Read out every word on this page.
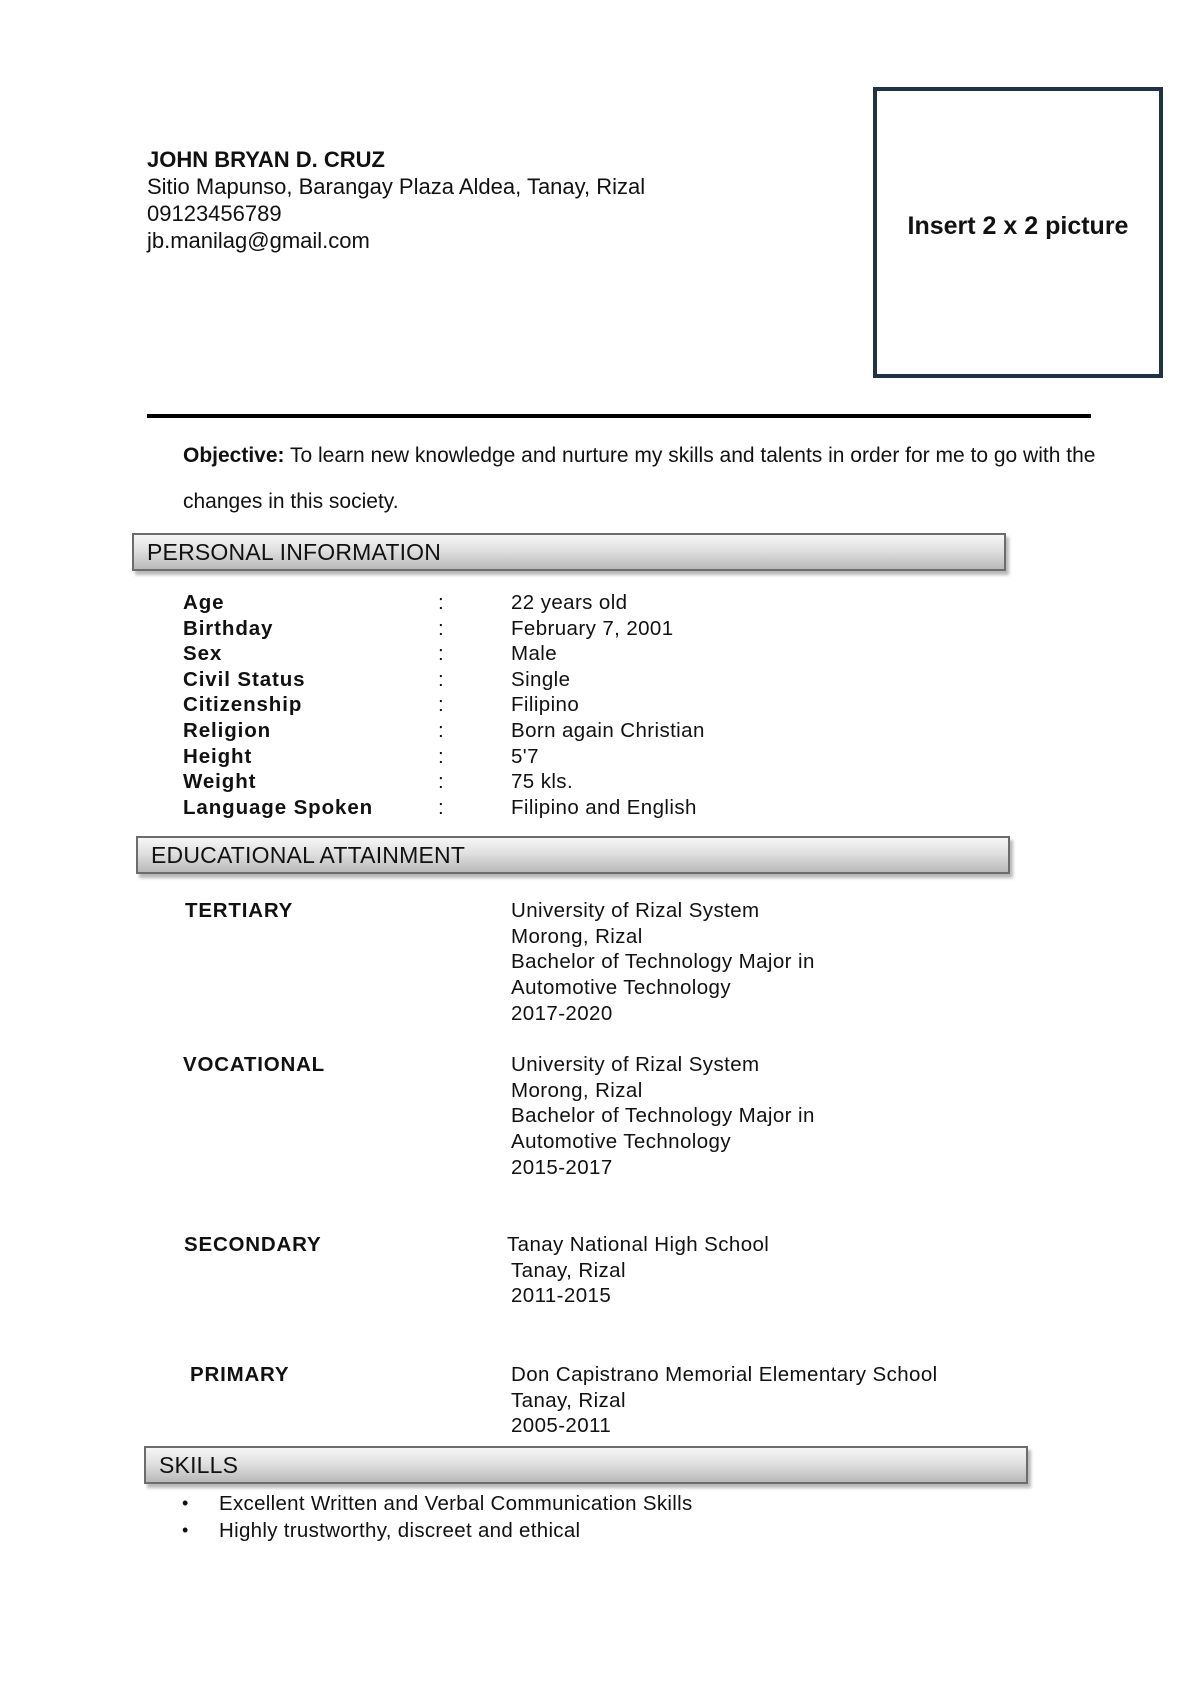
JOHN BRYAN D. CRUZ
Sitio Mapunso, Barangay Plaza Aldea, Tanay, Rizal
09123456789
jb.manilag@gmail.com
Insert 2 x 2 picture
Objective: To learn new knowledge and nurture my skills and talents in order for me to go with the changes in this society.
PERSONAL INFORMATION
Age	:	22 years old
Birthday	:	February 7, 2001
Sex	:	Male
Civil Status	:	Single
Citizenship	:	Filipino
Religion	:	Born again Christian
Height	:	5'7
Weight	:	75 kls.
Language Spoken	:	Filipino and English
EDUCATIONAL ATTAINMENT
TERTIARY	University of Rizal System
Morong, Rizal
Bachelor of Technology Major in
Automotive Technology
2017-2020
VOCATIONAL	University of Rizal System
Morong, Rizal
Bachelor of Technology Major in
Automotive Technology
2015-2017
SECONDARY	Tanay National High School
Tanay, Rizal
2011-2015
PRIMARY	Don Capistrano Memorial Elementary School
Tanay, Rizal
2005-2011
SKILLS
• Excellent Written and Verbal Communication Skills
• Highly trustworthy, discreet and ethical
